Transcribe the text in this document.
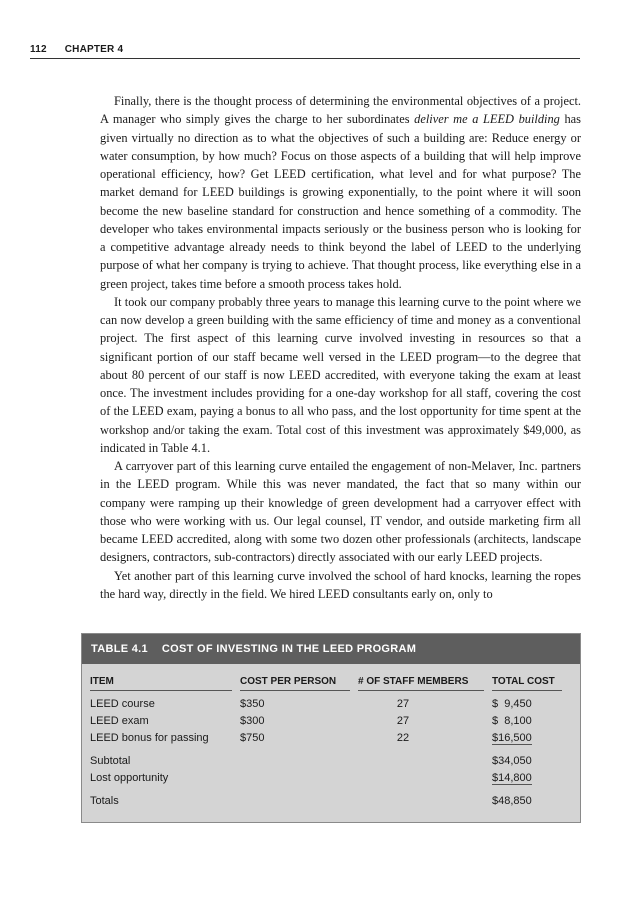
112 CHAPTER 4

Finally, there is the thought process of determining the environmental objectives of a project. A manager who simply gives the charge to her subordinates deliver me a LEED building has given virtually no direction as to what the objectives of such a building are: Reduce energy or water consumption, by how much? Focus on those aspects of a building that will help improve operational efficiency, how? Get LEED certification, what level and for what purpose? The market demand for LEED buildings is growing exponentially, to the point where it will soon become the new baseline standard for construction and hence something of a commodity. The developer who takes environmental impacts seriously or the business person who is looking for a competitive advantage already needs to think beyond the label of LEED to the underlying purpose of what her company is trying to achieve. That thought process, like everything else in a green project, takes time before a smooth process takes hold.

It took our company probably three years to manage this learning curve to the point where we can now develop a green building with the same efficiency of time and money as a conventional project. The first aspect of this learning curve involved investing in resources so that a significant portion of our staff became well versed in the LEED program—to the degree that about 80 percent of our staff is now LEED accredited, with everyone taking the exam at least once. The investment includes providing for a one-day workshop for all staff, covering the cost of the LEED exam, paying a bonus to all who pass, and the lost opportunity for time spent at the workshop and/or taking the exam. Total cost of this investment was approximately $49,000, as indicated in Table 4.1.

A carryover part of this learning curve entailed the engagement of non-Melaver, Inc. partners in the LEED program. While this was never mandated, the fact that so many within our company were ramping up their knowledge of green development had a carryover effect with those who were working with us. Our legal counsel, IT vendor, and outside marketing firm all became LEED accredited, along with some two dozen other professionals (architects, landscape designers, contractors, sub-contractors) directly associated with our early LEED projects.

Yet another part of this learning curve involved the school of hard knocks, learning the ropes the hard way, directly in the field. We hired LEED consultants early on, only to

TABLE 4.1 COST OF INVESTING IN THE LEED PROGRAM
ITEM	COST PER PERSON	# OF STAFF MEMBERS	TOTAL COST
LEED course	$350	27	$  9,450
LEED exam	$300	27	$  8,100
LEED bonus for passing	$750	22	$16,500

Subtotal			$34,050
Lost opportunity			$14,800

Totals			$48,850
